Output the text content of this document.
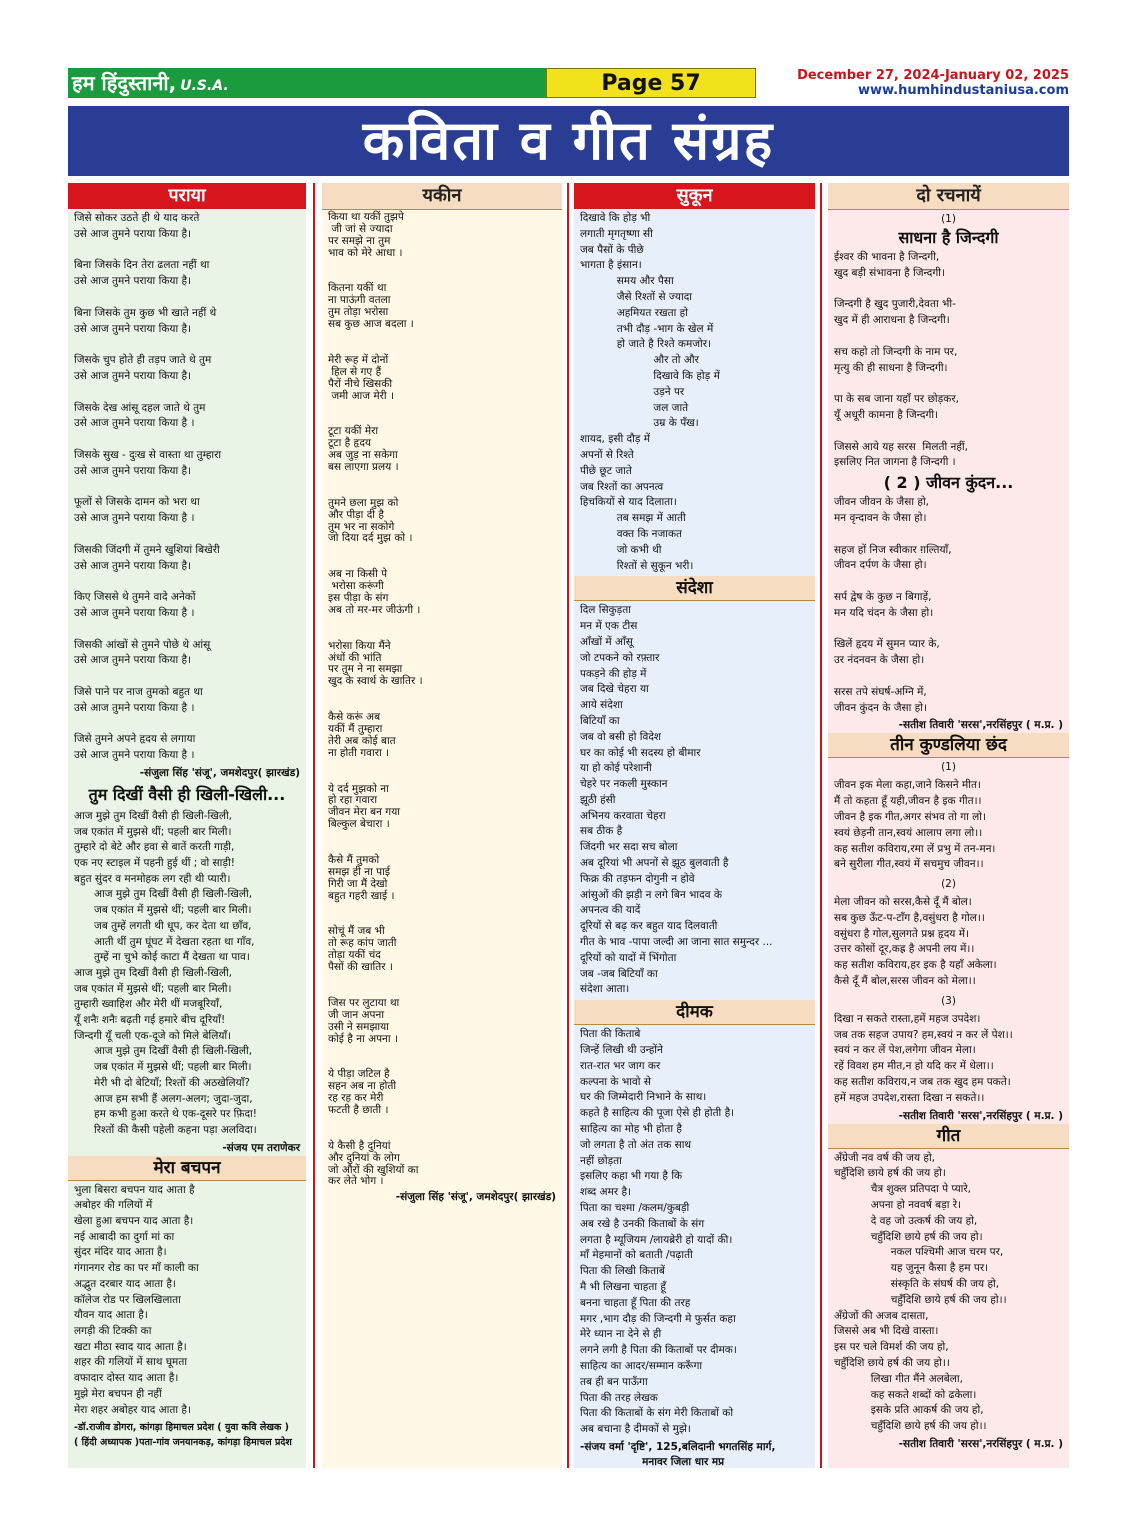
हम हिंदुस्तानी, U.S.A.	Page 57	December 27, 2024-January 02, 2025
www.humhindustaniusa.com
कविता व गीत संग्रह
पराया
जिसे सोकर उठते ही थे याद करते
उसे आज तुमने पराया किया है।

बिना जिसके दिन तेरा ढलता नहीं था
उसे आज तुमने पराया किया है।

बिना जिसके तुम कुछ भी खाते नहीं थे
उसे आज तुमने पराया किया है।

जिसके चुप होते ही तड़प जाते थे तुम
उसे आज तुमने पराया किया है।

जिसके देख आंसू दहल जाते थे तुम
उसे आज तुमने पराया किया है ।

जिसके सुख - दुःख से वास्ता था तुम्हारा
उसे आज तुमने पराया किया है।

फूलों से जिसके दामन को भरा था
उसे आज तुमने पराया किया है ।

जिसकी जिंदगी में तुमने खुशियां बिखेरी
उसे आज तुमने पराया किया है।

किए जिससे थे तुमने वादे अनेकों
उसे आज तुमने पराया किया है ।

जिसकी आंखों से तुमने पोछे थे आंसू
उसे आज तुमने पराया किया है।

जिसे पाने पर नाज तुमको बहुत था
उसे आज तुमने पराया किया है ।

जिसे तुमने अपने हृदय से लगाया
उसे आज तुमने पराया किया है ।
-संजुला सिंह 'संजू', जमशेदपुर( झारखंड)
तुम दिखीं वैसी ही खिली-खिली...
आज मुझे तुम दिखीं वैसी ही खिली-खिली,
जब एकांत में मुझसे थीं; पहली बार मिली।
तुम्हारे दो बेटे और हवा से बातें करती गाड़ी,
एक नए स्टाइल में पहनी हुई थीं ; वो साड़ी!
बहुत सुंदर व मनमोहक लग रही थी प्यारी।
आज मुझे तुम दिखीं वैसी ही खिली-खिली,
जब एकांत में मुझसे थीं; पहली बार मिली।
जब तुम्हें लगती थी धूप, कर देता था छाँव,
आती थीं तुम घूंघट में देखता रहता था गाँव,
तुम्हें ना चुभे कोई काटा मैं देखता था पाव।
आज मुझे तुम दिखीं वैसी ही खिली-खिली,
जब एकांत में मुझसे थीं; पहली बार मिली।
तुम्हारी ख्वाहिश और मेरी थीं मजबूरियाँ,
यूँ शनैः शनैः बढ़ती गई हमारे बीच दूरियाँ!
जिन्दगी यूँ चली एक-दूजे को मिले बेलियाँ।
आज मुझे तुम दिखीं वैसी ही खिली-खिली,
जब एकांत में मुझसे थीं; पहली बार मिली।
मेरी भी दो बेटियाँ; रिश्तों की अठखेलियाँ?
आज हम सभी हैं अलग-अलग; जुदा-जुदा,
हम कभी हुआ करते थे एक-दूसरे पर फ़िदा!
रिश्तों की कैसी पहेली कहना पड़ा अलविदा।
-संजय एम तराणेकर
मेरा बचपन
भुला बिसरा बचपन याद आता है
अबोहर की गलियों में
खेला हुआ बचपन याद आता है।
नई आबादी का दुर्गा मां का
सुंदर मंदिर याद आता है।
गंगानगर रोड का पर माँ काली का
अद्भुत दरबार याद आता है।
कॉलेज रोड पर खिलखिलाता
यौवन याद आता है।
लगड़ी की टिक्की का
खटा मीठा स्वाद याद आता है।
शहर की गलियों में साथ घूमता
वफादार दोस्त याद आता है।
मुझे मेरा बचपन ही नहीं
मेरा शहर अबोहर याद आता है।
-डॉ.राजीव डोगरा, कांगड़ा हिमाचल प्रदेश ( युवा कवि लेखक )
( हिंदी अध्यापक )पता-गांव जनयानकड़, कांगड़ा हिमाचल प्रदेश
यकीन
किया था यकीं तुझपे
जी जां से ज्यादा
पर समझे ना तुम
भाव को मेरे आधा ।

कितना यकीं था
ना पाऊंगी वतला
तुम तोड़ा भरोसा
सब कुछ आज बदला ।

मेरी रूह में दोनों
हिल से गए हैं
पैरों नीचे खिसकी
जमी आज मेरी ।

टूटा यकीं मेरा
टूटा है हृदय
अब जुड़ ना सकेगा
बस लाएगा प्रलय ।

तुमने छला मुझ को
और पीड़ा दी है
तुम भर ना सकोगे
जो दिया दर्द मुझ को ।

अब ना किसी पे
भरोसा करूंगी
इस पीड़ा के संग
अब तो मर-मर जीऊंगी ।

भरोसा किया मैंने
अंधों की भांति
पर तुम ने ना समझा
खुद के स्वार्थ के खातिर ।

कैसे करूं अब
यकीं मैं तुम्हारा
तेरी अब कोई बात
ना होती गवारा ।

ये दर्द मुझको ना
हो रहा गवारा
जीवन मेरा बन गया
बिल्कुल बेचारा ।

कैसे मैं तुमको
समझ ही ना पाई
गिरी जा मैं देखो
बहुत गहरी खाई ।

सोचूं मैं जब भी
तो रूह कांप जाती
तोड़ा यकीं चंद
पैसों की खातिर ।

जिस पर लुटाया था
जी जान अपना
उसी ने समझाया
कोई है ना अपना ।

ये पीड़ा जटिल है
सहन अब ना होती
रह रह कर मेरी
फटती है छाती ।

ये कैसी है दुनियां
और दुनियां के लोग
जो औरों की खुशियों का
कर लेते भोग ।
-संजुला सिंह 'संजू', जमशेदपुर( झारखंड)
सुकून
दिखावे कि होड़ भी
लगाती मृगतृष्णा सी
जब पैसों के पीछे
भागता है इंसान।
समय और पैसा
जैसे रिश्तों से ज्यादा
अहमियत रखता हो
तभी दौड़ -भाग के खेल में
हो जाते है रिश्ते कमजोर।
और तो और
दिखावे कि होड़ में
उड़ने पर
जल जाते
उम्र के पँख।
शायद, इसी दौड़ में
अपनों से रिश्ते
पीछे छूट जाते
जब रिश्तों का अपनत्व
हिचकियों से याद दिलाता।
तब समझ में आती
वक्त कि नजाकत
जो कभी थी
रिश्तों से सुकून भरी।
संदेशा
दिल सिकुड़ता
मन में एक टीस
आँखों में आँसू
जो टपकने को रफ़्तार
पकड़ने की होड़ में
जब दिखे चेहरा या
आये संदेशा
बिटियाँ का
जब वो बसी हो विदेश
घर का कोई भी सदस्य हो बीमार
या हो कोई परेशानी
चेहरे पर नकली मुस्कान
झूठी हंसी
अभिनय करवाता चेहरा
सब ठीक है
जिंदगी भर सदा सच बोला
अब दूरियां भी अपनों से झूठ बुलवाती है
फिक्र की तड़फन दोगुनी न होवे
आंसुओं की झड़ी न लगे बिन भादव के
अपनत्व की यादें
दूरियों से बढ़ कर बहुत याद दिलवाती
गीत के भाव -पापा जल्दी आ जाना सात समुन्दर ...
दूरियों को यादों में भिंगोता
जब -जब बिटियाँ का
संदेशा आता।
दीमक
पिता की किताबे
जिन्हें लिखी थी उन्होंने
रात-रात भर जाग कर
कल्पना के भावो से
घर की जिम्मेदारी निभाने के साथ।
कहते है साहित्य की पूजा ऐसे ही होती है।
साहित्य का मोह भी होता है
जो लगता है तो अंत तक साथ
नहीं छोड़ता
इसलिए कहा भी गया है कि
शब्द अमर है।
पिता का चश्मा /कलम/कुबड़ी
अब रखे है उनकी किताबों के संग
लगता है म्यूजियम /लायब्रेरी हो यादों की।
माँ मेहमानों को बताती /पढ़ाती
पिता की लिखी किताबें
मै भी लिखना चाहता हूँ
बनना चाहता हूँ पिता की तरह
मगर ,भाग दौड़ की जिन्दगी मे फुर्सत कहा
मेरे ध्यान ना देने से ही
लगने लगी है पिता की किताबों पर दीमक।
साहित्य का आदर/सम्मान करूँगा
तब ही बन पाऊँगा
पिता की तरह लेखक
पिता की किताबों के संग मेरी किताबों को
अब बचाना है दीमकों से मुझे।
-संजय वर्मा 'दृष्टि', 125,बलिदानी भगतसिंह मार्ग,
मनावर जिला धार मप्र
दो रचनायें
(1)
साधना है जिन्दगी
ईश्वर की भावना है जिन्दगी,
खुद बड़ी संभावना है जिन्दगी।

जिन्दगी है खुद पुजारी,देवता भी-
खुद में ही आराधना है जिन्दगी।

सच कहो तो जिन्दगी के नाम पर,
मृत्यु की ही साधना है जिन्दगी।

पा के सब जाना यहाँ पर छोड़कर,
यूँ अधूरी कामना है जिन्दगी।

जिससे आये यह सरस  मिलती नहीं,
इसलिए नित जागना है जिन्दगी ।
( 2 ) जीवन कुंदन...
जीवन जीवन के जैसा हो,
मन वृन्दावन के जैसा हो।

सहज हों निज स्वीकार ग़ल्तियाँ,
जीवन दर्पण के जैसा हो।

सर्प द्वेष के कुछ न बिगाड़ें,
मन यदि चंदन के जैसा हो।

खिलें हृदय में सुमन प्यार के,
उर नंदनवन के जैसा हो।

सरस तपे संघर्ष-अग्नि में,
जीवन कुंदन के जैसा हो।
-सतीश तिवारी 'सरस',नरसिंहपुर ( म.प्र. )
तीन कुण्डलिया छंद
(1)
जीवन इक मेला कहा,जाने किसने मीत।
मैं तो कहता हूँ यही,जीवन है इक गीत।।
जीवन है इक गीत,अगर संभव तो गा लो।
स्वयं छेड़नी तान,स्वयं आलाप लगा लो।।
कह सतीश कविराय,रमा लें प्रभु में तन-मन।
बने सुरीला गीत,स्वयं में सचमुच जीवन।।
(2)
मेला जीवन को सरस,कैसे दूँ मैं बोल।
सब कुछ ऊँट-प-टाँग है,वसुंधरा है गोल।।
वसुंधरा है गोल,सुलगते प्रश्न हृदय में।
उत्तर कोसों दूर,कह्र है अपनी लय में।।
कह सतीश कविराय,हर इक है यहाँ अकेला।
कैसे दूँ मैं बोल,सरस जीवन को मेला।।
(3)
दिखा न सकते रास्ता,हमें महज उपदेश।
जब तक सहज उपाय? हम,स्वयं न कर लें पेश।।
स्वयं न कर लें पेश,लगेगा जीवन मेला।
रहें विवश हम मीत,न हो यदि कर में धेला।।
कह सतीश कविराय,न जब तक खुद हम पकते।
हमें महज उपदेश,रास्ता दिखा न सकते।।
-सतीश तिवारी 'सरस',नरसिंहपुर ( म.प्र. )
गीत
अँग्रेजी नव वर्ष की जय हो,
चहुँदिशि छाये हर्ष की जय हो।
चैत्र शुक्ल प्रतिपदा पे प्यारे,
अपना हो नववर्ष बड़ा रे।
दे वह जो उत्कर्ष की जय हो,
चहुँदिशि छाये हर्ष की जय हो।
नकल पश्चिमी आज चरम पर,
यह जुनून कैसा है हम पर।
संस्कृति के संघर्ष की जय हो,
चहुँदिशि छाये हर्ष की जय हो।।
अँग्रेजों की अजब दासता,
जिससे अब भी दिखे वास्ता।
इस पर चले विमर्श की जय हो,
चहुँदिशि छाये हर्ष की जय हो।।
लिखा गीत मैंने अलबेला,
कह सकते शब्दों को ढकेला।
इसके प्रति आकर्ष की जय हो,
चहुँदिशि छाये हर्ष की जय हो।।
-सतीश तिवारी 'सरस',नरसिंहपुर ( म.प्र. )
